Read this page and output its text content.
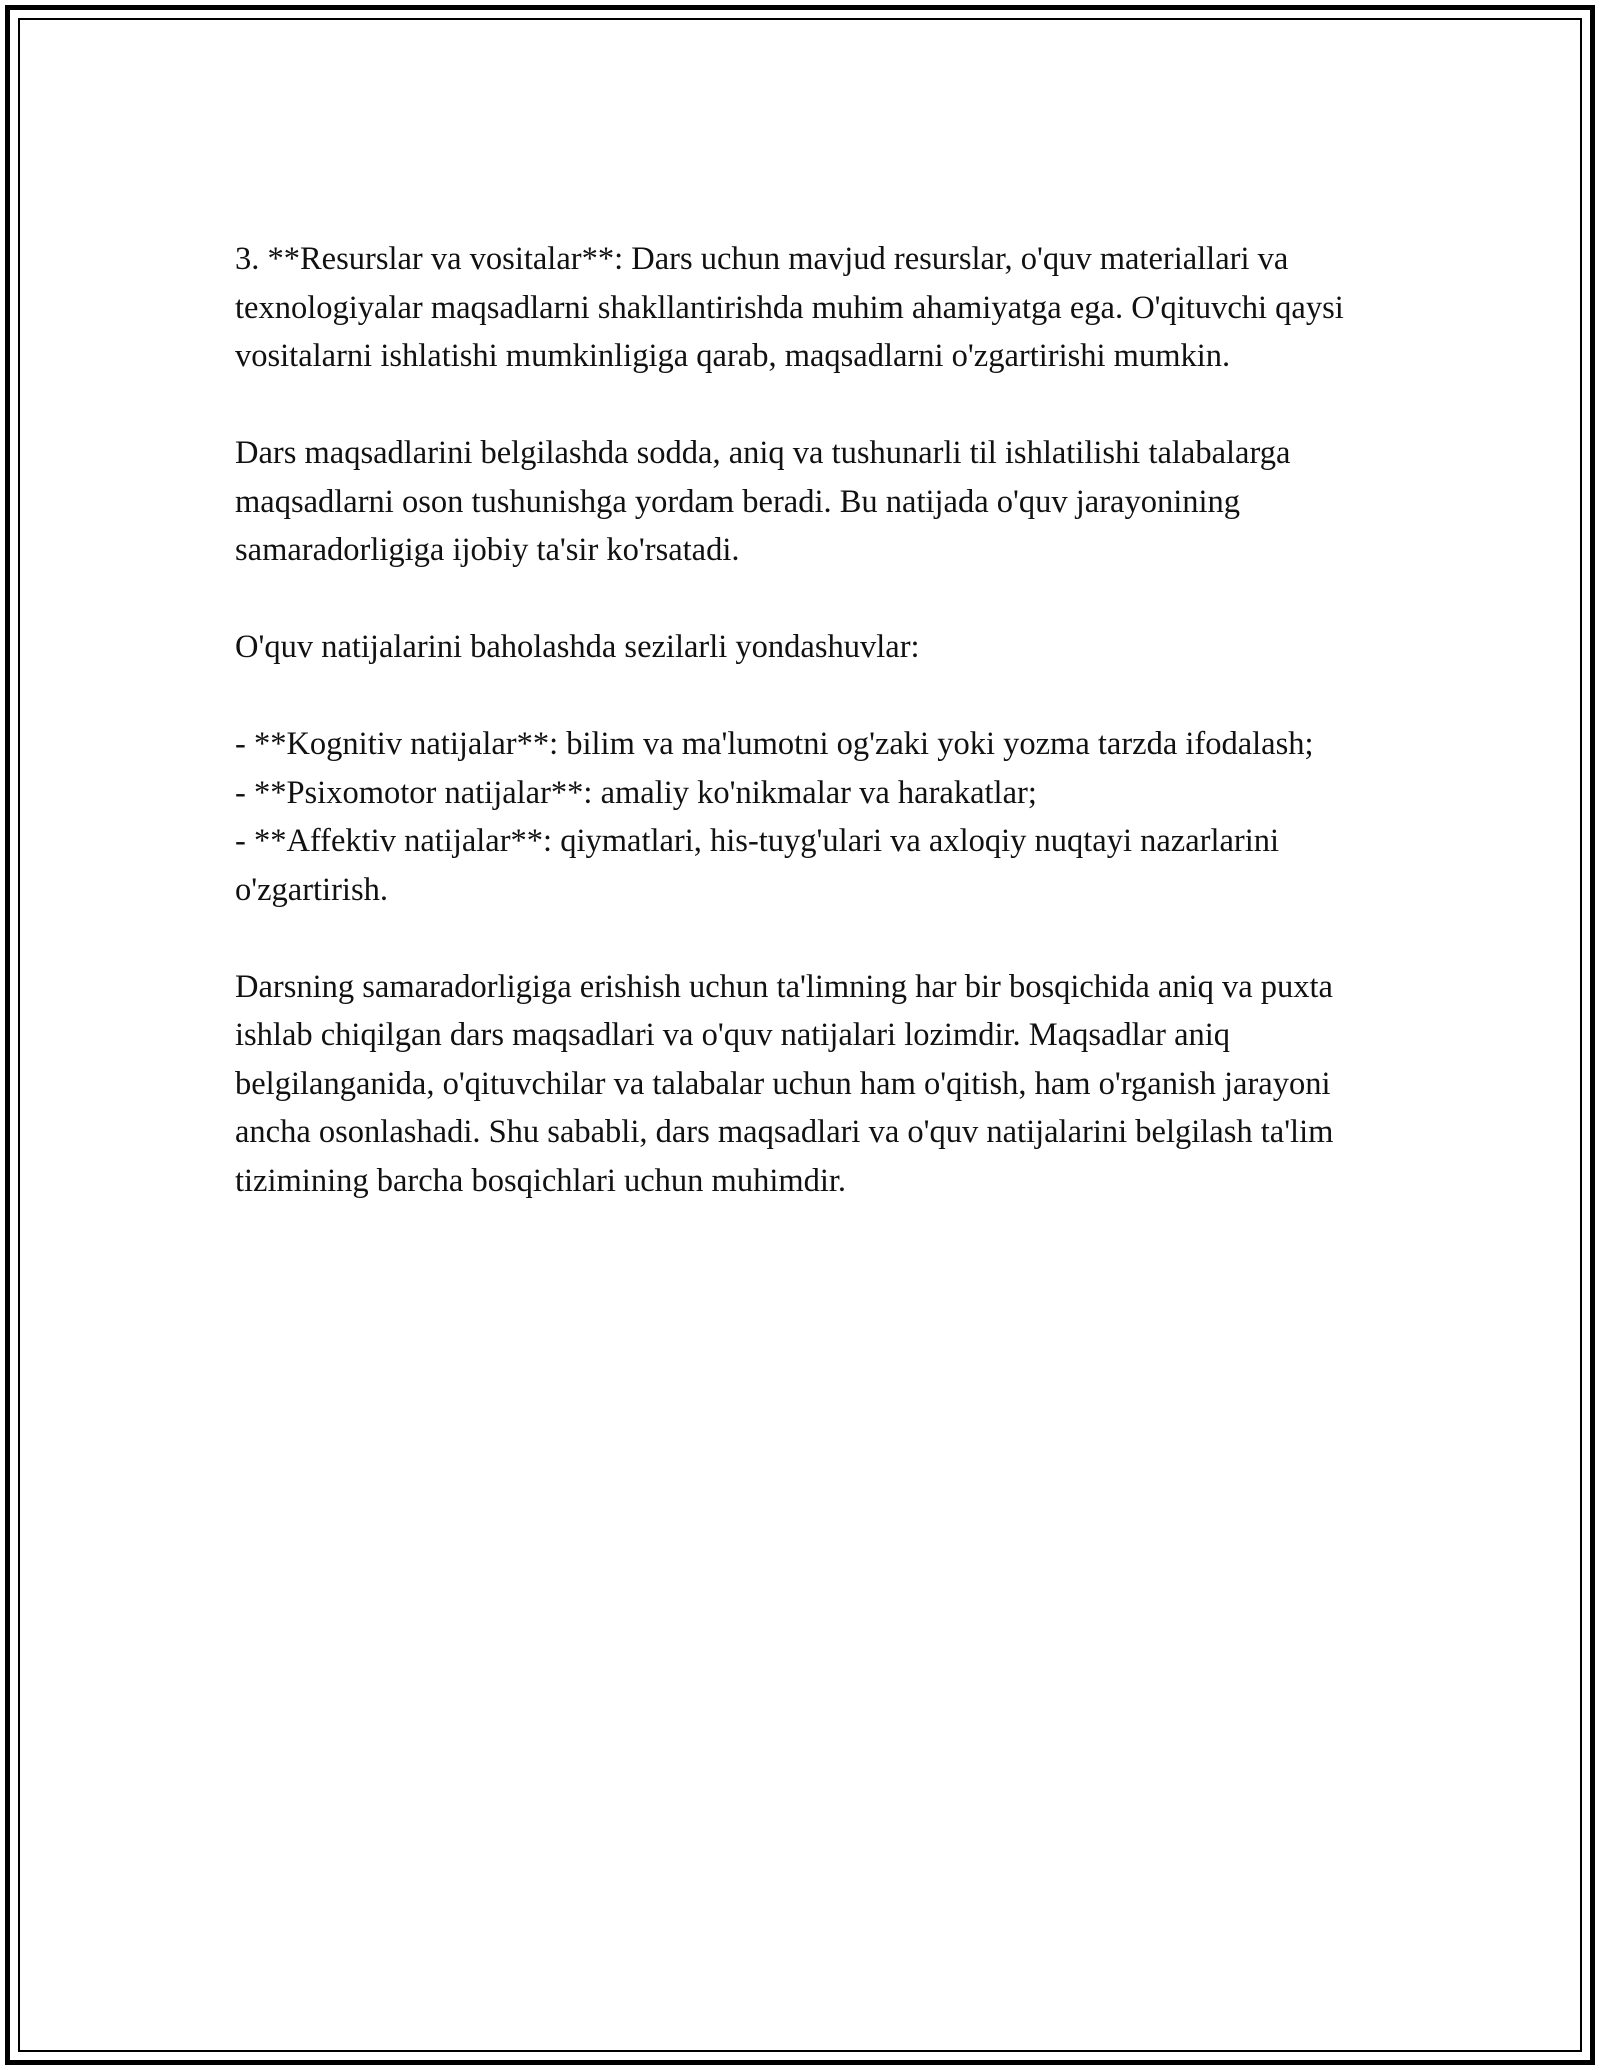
3. **Resurslar va vositalar**: Dars uchun mavjud resurslar, o'quv materiallari va texnologiyalar maqsadlarni shakllantirishda muhim ahamiyatga ega. O'qituvchi qaysi vositalarni ishlatishi mumkinligiga qarab, maqsadlarni o'zgartirishi mumkin.

Dars maqsadlarini belgilashda sodda, aniq va tushunarli til ishlatilishi talabalarga maqsadlarni oson tushunishga yordam beradi. Bu natijada o'quv jarayonining samaradorligiga ijobiy ta'sir ko'rsatadi.

O'quv natijalarini baholashda sezilarli yondashuvlar:

- **Kognitiv natijalar**: bilim va ma'lumotni og'zaki yoki yozma tarzda ifodalash;
- **Psixomotor natijalar**: amaliy ko'nikmalar va harakatlar;
- **Affektiv natijalar**: qiymatlari, his-tuyg'ulari va axloqiy nuqtayi nazarlarini o'zgartirish.

Darsning samaradorligiga erishish uchun ta'limning har bir bosqichida aniq va puxta ishlab chiqilgan dars maqsadlari va o'quv natijalari lozimdir. Maqsadlar aniq belgilanganida, o'qituvchilar va talabalar uchun ham o'qitish, ham o'rganish jarayoni ancha osonlashadi. Shu sababli, dars maqsadlari va o'quv natijalarini belgilash ta'lim tizimining barcha bosqichlari uchun muhimdir.
